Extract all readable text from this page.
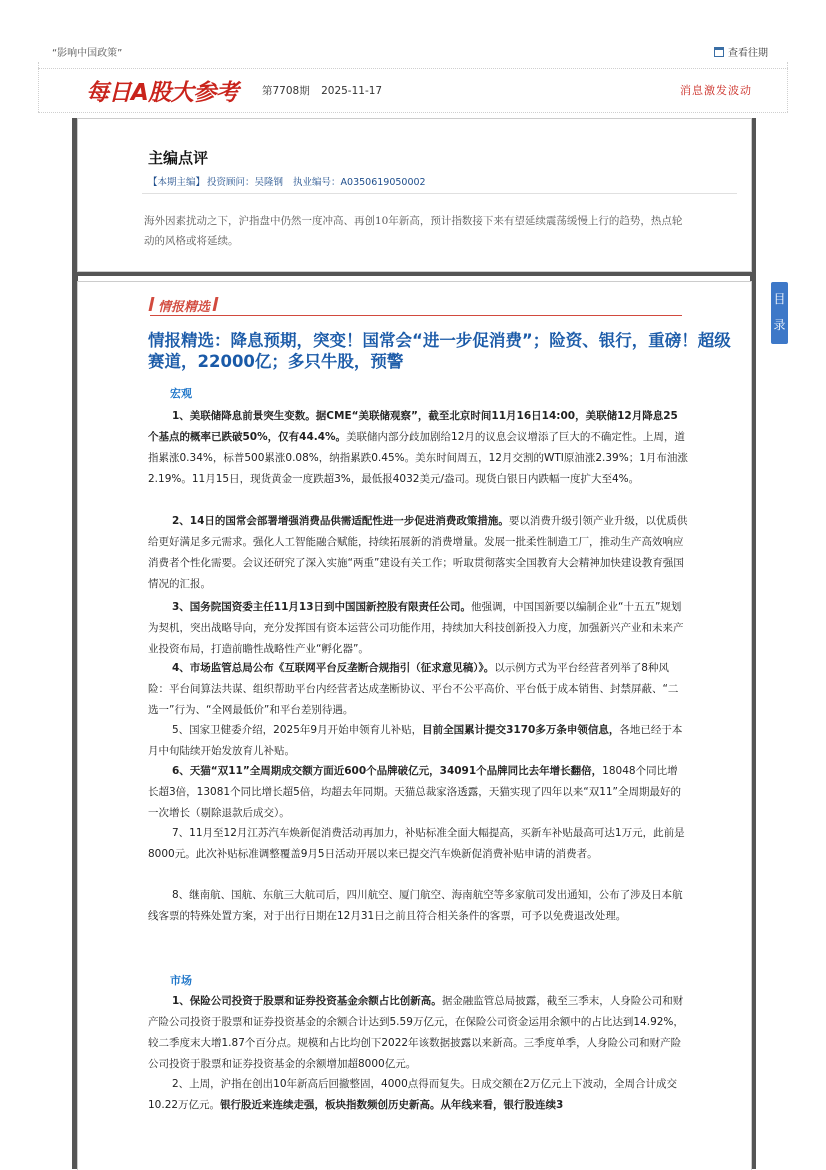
“影响中国政策”	查看往期
每日A股大参考 第7708期 2025-11-17	消息激发波动
主编点评
【本期主编】 投资顾问：吴隆钢 执业编号：A0350619050002
海外因素扰动之下，沪指盘中仍然一度冲高、再创10年新高，预计指数接下来有望延续震荡缓慢上行的趋势，热点轮动的风格或将延续。
情报精选
情报精选：降息预期，突变！国常会“进一步促消费”；险资、银行，重磅！超级赛道，22000亿；多只牛股，预警
宏观
1、美联储降息前景突生变数。据CME“美联储观察”，截至北京时间11月16日14:00，美联储12月降息25个基点的概率已跌破50%，仅有44.4%。美联储内部分歧加剧给12月的议息会议增添了巨大的不确定性。上周，道指累涨0.34%，标普500累涨0.08%，纳指累跌0.45%。美东时间周五，12月交割的WTI原油涨2.39%；1月布油涨2.19%。11月15日，现货黄金一度跌超3%，最低报4032美元/盎司。现货白银日内跌幅一度扩大至4%。
2、14日的国常会部署增强消费品供需适配性进一步促进消费政策措施。要以消费升级引领产业升级，以优质供给更好满足多元需求。强化人工智能融合赋能，持续拓展新的消费增量。发展一批柔性制造工厂，推动生产高效响应消费者个性化需要。会议还研究了深入实施“两重”建设有关工作；听取贯彻落实全国教育大会精神加快建设教育强国情况的汇报。
3、国务院国资委主任11月13日到中国国新控股有限责任公司。他强调，中国国新要以编制企业“十五五”规划为契机，突出战略导向，充分发挥国有资本运营公司功能作用，持续加大科技创新投入力度，加强新兴产业和未来产业投资布局，打造前瞻性战略性产业“孵化器”。
4、市场监管总局公布《互联网平台反垄断合规指引（征求意见稿）》。以示例方式为平台经营者列举了8种风险：平台间算法共谋、组织帮助平台内经营者达成垄断协议、平台不公平高价、平台低于成本销售、封禁屏蔽、“二选一”行为、“全网最低价”和平台差别待遇。
5、国家卫健委介绍，2025年9月开始申领育儿补贴，目前全国累计提交3170多万条申领信息，各地已经于本月中旬陆续开始发放育儿补贴。
6、天猫“双11”全周期成交额方面近600个品牌破亿元，34091个品牌同比去年增长翻倍，18048个同比增长超3倍，13081个同比增长超5倍，均超去年同期。天猫总裁家洛透露，天猫实现了四年以来“双11”全周期最好的一次增长（剔除退款后成交）。
7、11月至12月江苏汽车焕新促消费活动再加力，补贴标准全面大幅提高，买新车补贴最高可达1万元，此前是8000元。此次补贴标准调整覆盖9月5日活动开展以来已提交汽车焕新促消费补贴申请的消费者。
8、继南航、国航、东航三大航司后，四川航空、厦门航空、海南航空等多家航司发出通知，公布了涉及日本航线客票的特殊处置方案，对于出行日期在12月31日之前且符合相关条件的客票，可予以免费退改处理。
市场
1、保险公司投资于股票和证券投资基金余额占比创新高。据金融监管总局披露，截至三季末，人身险公司和财产险公司投资于股票和证券投资基金的余额合计达到5.59万亿元，在保险公司资金运用余额中的占比达到14.92%，较二季度末大增1.87个百分点。规模和占比均创下2022年该数据披露以来新高。三季度单季，人身险公司和财产险公司投资于股票和证券投资基金的余额增加超8000亿元。
2、上周，沪指在创出10年新高后回撤整固，4000点得而复失。日成交额在2万亿元上下波动，全周合计成交10.22万亿元。银行股近来连续走强，板块指数频创历史新高。从年线来看，银行股连续3
目
录
